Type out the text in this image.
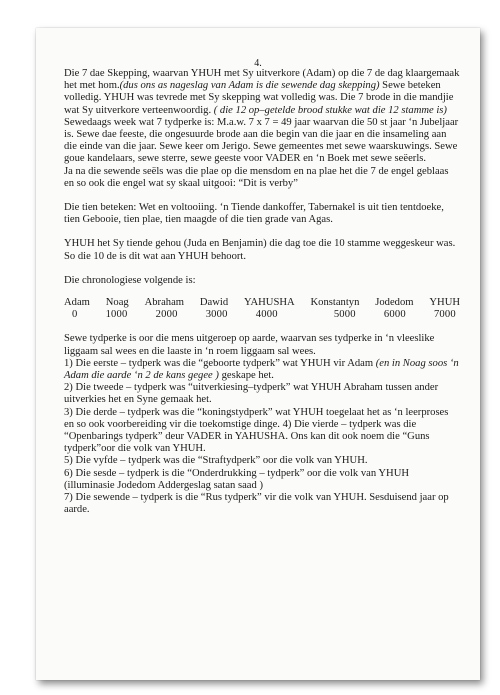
4.

Die 7 dae Skepping, waarvan YHUH met Sy uitverkore (Adam) op die 7 de dag klaargemaak het met hom.(dus ons as nageslag van Adam is die sewende dag skepping) Sewe beteken volledig. YHUH was tevrede met Sy skepping wat volledig was. Die 7 brode in die mandjie wat Sy uitverkore verteenwoordig. ( die 12 op–getelde brood stukke wat die 12 stamme is) Sewedaags week wat 7 tydperke is: M.a.w. 7 x 7 = 49 jaar waarvan die 50 st jaar ‘n Jubeljaar is. Sewe dae feeste, die ongesuurde brode aan die begin van die jaar en die insameling aan die einde van die jaar. Sewe keer om Jerigo. Sewe gemeentes met sewe waarskuwings. Sewe goue kandelaars, sewe sterre, sewe geeste voor VADER en ‘n Boek met sewe seëerls.

Ja na die sewende seëls was die plae op die mensdom en na plae het die 7 de engel geblaas en so ook die engel wat sy skaal uitgooi: “Dit is verby”

Die tien beteken: Wet en voltooiing. ‘n Tiende dankoffer, Tabernakel is uit tien tentdoeke, tien Gebooie, tien plae, tien maagde of die tien grade van Agas.

YHUH het Sy tiende gehou (Juda en Benjamin) die dag toe die 10 stamme weggeskeur was. So die 10 de is dit wat aan YHUH behoort.

Die chronologiese volgende is:

Adam Noag Abraham Dawid YAHUSHA Konstantyn Jodedom YHUH
0	1000	2000	3000	4000	5000	6000	7000

Sewe tydperke is oor die mens uitgeroep op aarde, waarvan ses tydperke in ‘n vleeslike liggaam sal wees en die laaste in ‘n roem liggaam sal wees.

1) Die eerste – tydperk was die “geboorte tydperk” wat YHUH vir Adam (en in Noag soos ‘n Adam die aarde ‘n 2 de kans gegee ) geskape het.

2) Die tweede – tydperk was “uitverkiesing–tydperk” wat YHUH Abraham tussen ander uitverkies het en Syne gemaak het.

3) Die derde – tydperk was die “koningstydperk” wat YHUH toegelaat het as ‘n leerproses en so ook voorbereiding vir die toekomstige dinge. 4) Die vierde – tydperk was die “Openbarings tydperk” deur VADER in YAHUSHA. Ons kan dit ook noem die “Guns tydperk”oor die volk van YHUH.

5) Die vyfde – tydperk was die “Straftydperk” oor die volk van YHUH.

6) Die sesde – tydperk is die “Onderdrukking – tydperk” oor die volk van YHUH (illuminasie Jodedom Addergeslag satan saad )

7) Die sewende – tydperk is die “Rus tydperk” vir die volk van YHUH. Sesduisend jaar op aarde.
